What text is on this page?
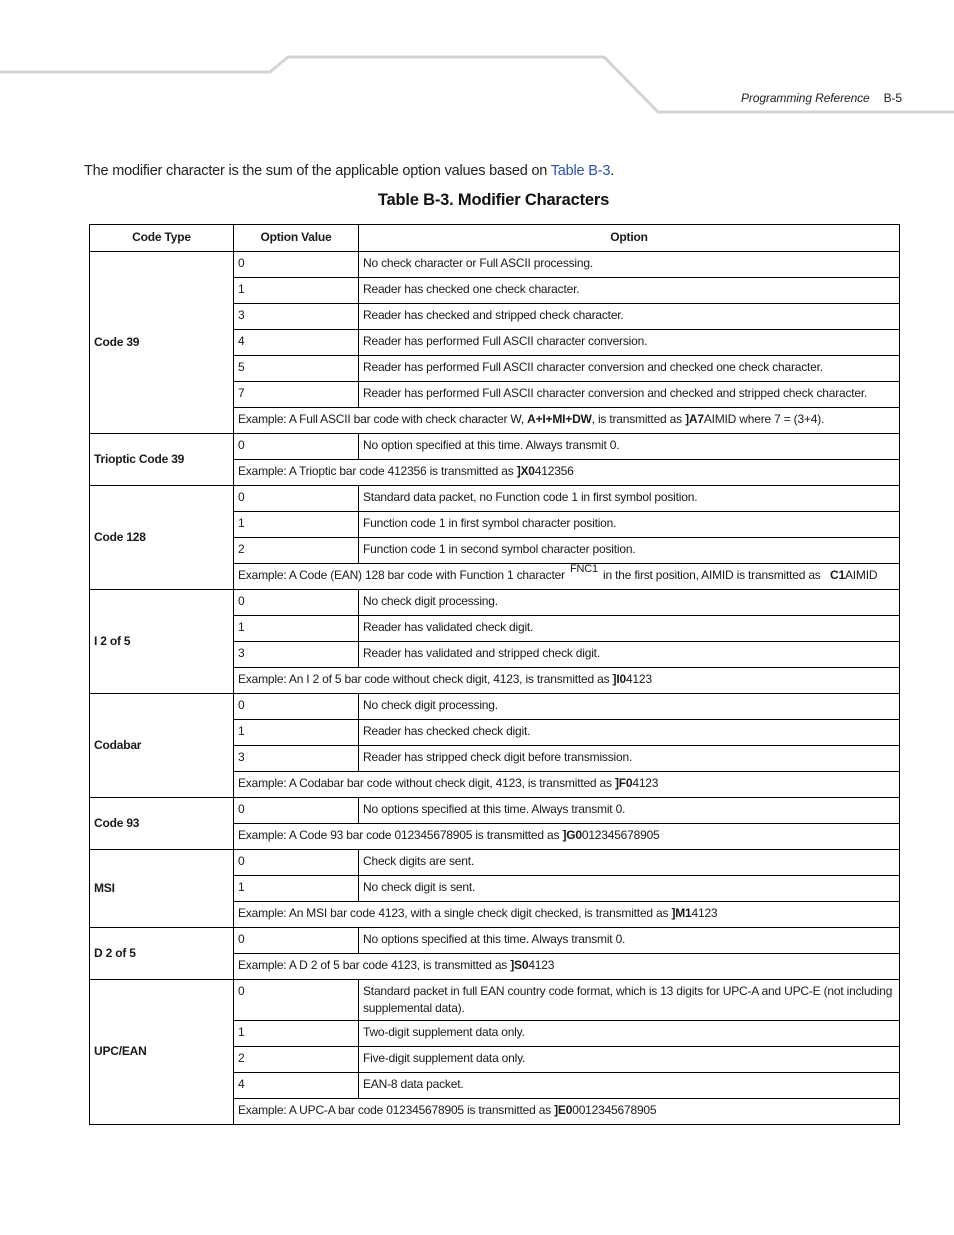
Programming Reference B-5
The modifier character is the sum of the applicable option values based on Table B-3.
Table B-3. Modifier Characters
Code Type	Option Value	Option
Code 39	0	No check character or Full ASCII processing.
	1	Reader has checked one check character.
	3	Reader has checked and stripped check character.
	4	Reader has performed Full ASCII character conversion.
	5	Reader has performed Full ASCII character conversion and checked one check character.
	7	Reader has performed Full ASCII character conversion and checked and stripped check character.
	Example: A Full ASCII bar code with check character W, A+I+MI+DW, is transmitted as ]A7AIMID where 7 = (3+4).	
Trioptic Code 39	0	No option specified at this time. Always transmit 0.
	Example: A Trioptic bar code 412356 is transmitted as ]X0412356	
Code 128	0	Standard data packet, no Function code 1 in first symbol position.
	1	Function code 1 in first symbol character position.
	2	Function code 1 in second symbol character position.
	Example: A Code (EAN) 128 bar code with Function 1 character FNC1 in the first position, AIMID is transmitted as   C1AIMID	
I 2 of 5	0	No check digit processing.
	1	Reader has validated check digit.
	3	Reader has validated and stripped check digit.
	Example: An I 2 of 5 bar code without check digit, 4123, is transmitted as ]I04123	
Codabar	0	No check digit processing.
	1	Reader has checked check digit.
	3	Reader has stripped check digit before transmission.
	Example: A Codabar bar code without check digit, 4123, is transmitted as ]F04123	
Code 93	0	No options specified at this time. Always transmit 0.
	Example: A Code 93 bar code 012345678905 is transmitted as ]G0012345678905	
MSI	0	Check digits are sent.
	1	No check digit is sent.
	Example: An MSI bar code 4123, with a single check digit checked, is transmitted as ]M14123	
D 2 of 5	0	No options specified at this time. Always transmit 0.
	Example: A D 2 of 5 bar code 4123, is transmitted as ]S04123	
UPC/EAN	0	Standard packet in full EAN country code format, which is 13 digits for UPC-A and UPC-E (not including supplemental data).
	1	Two-digit supplement data only.
	2	Five-digit supplement data only.
	4	EAN-8 data packet.
	Example: A UPC-A bar code 012345678905 is transmitted as ]E00012345678905	
